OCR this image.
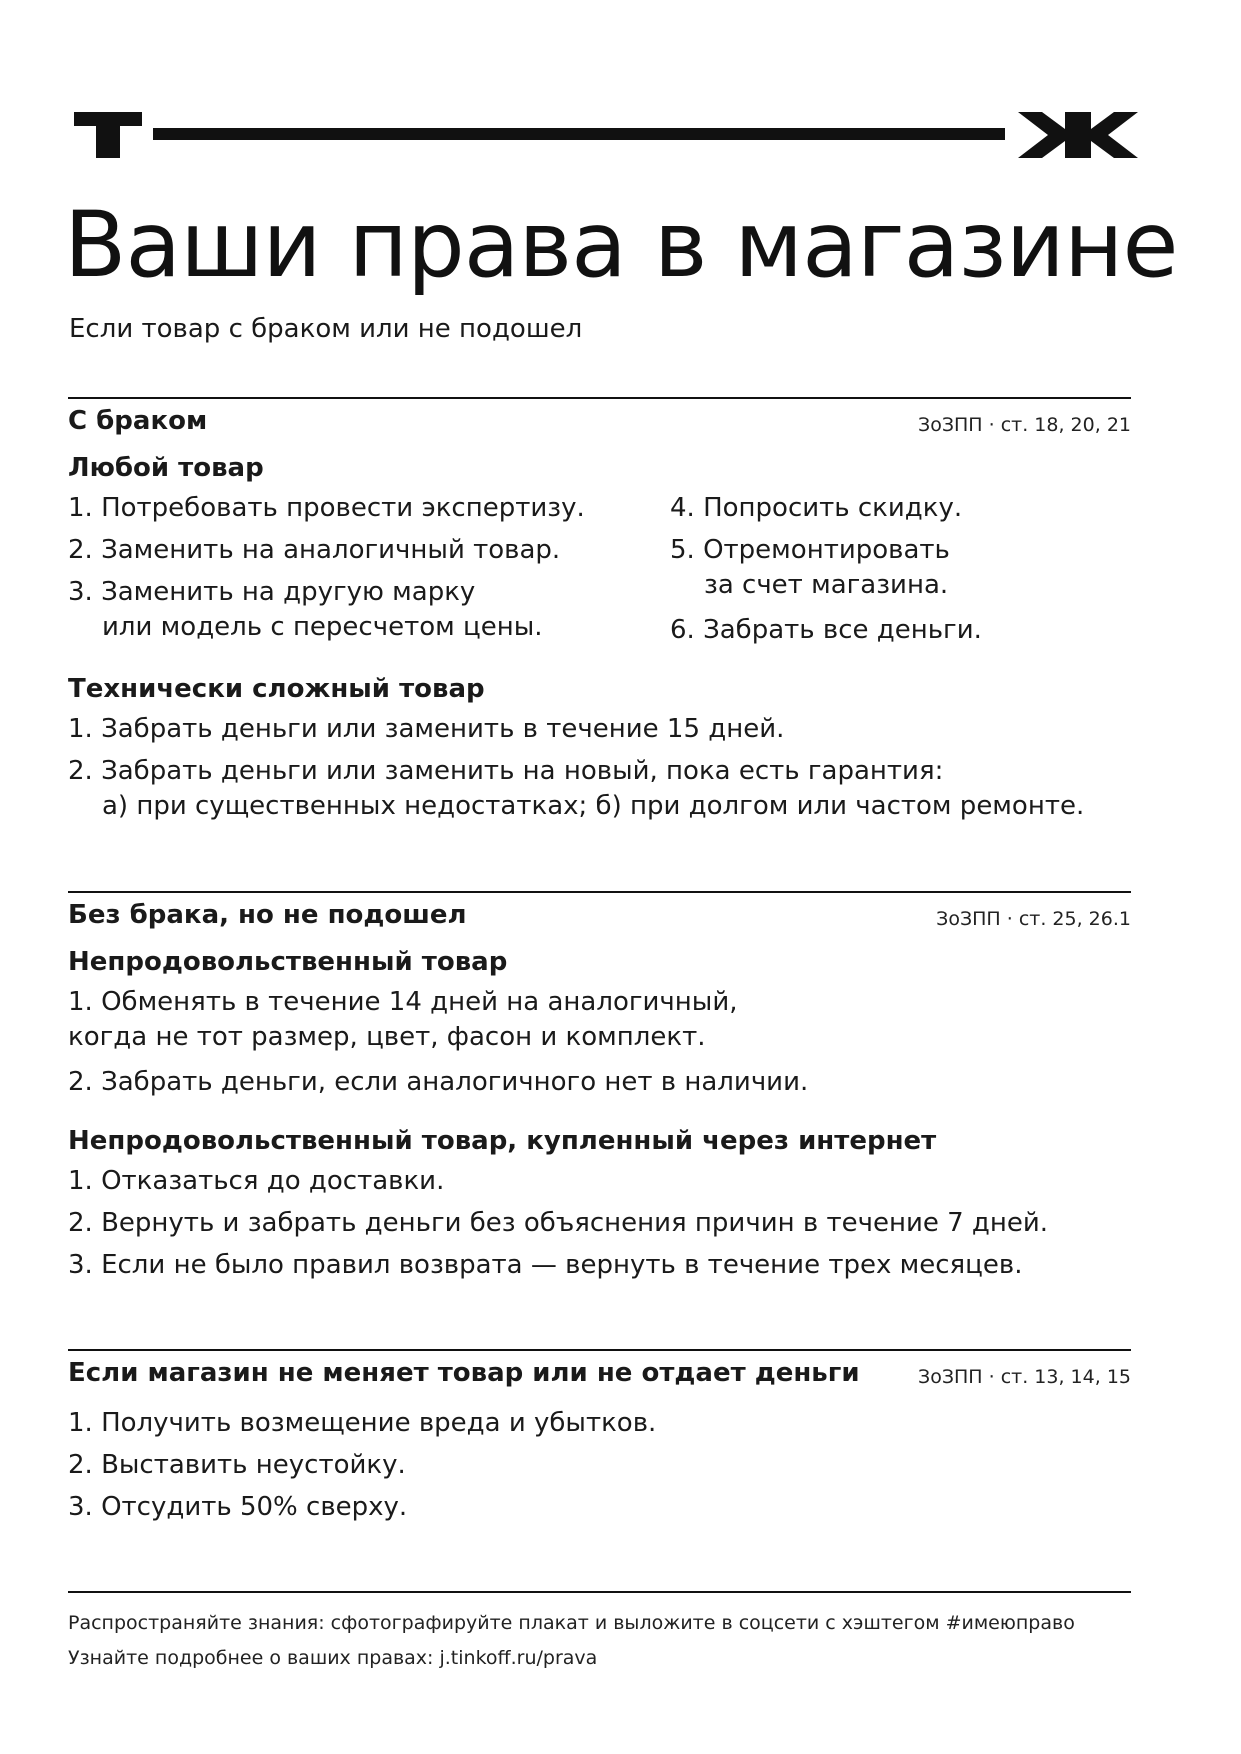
Ваши права в магазине
Если товар с браком или не подошел
С браком	ЗоЗПП · ст. 18, 20, 21
Любой товар
1. Потребовать провести экспертизу.
2. Заменить на аналогичный товар.
3. Заменить на другую марку
или модель с пересчетом цены.
4. Попросить скидку.
5. Отремонтировать
за счет магазина.
6. Забрать все деньги.
Технически сложный товар
1. Забрать деньги или заменить в течение 15 дней.
2. Забрать деньги или заменить на новый, пока есть гарантия:
а) при существенных недостатках; б) при долгом или частом ремонте.
Без брака, но не подошел	ЗоЗПП · ст. 25, 26.1
Непродовольственный товар
1. Обменять в течение 14 дней на аналогичный,
когда не тот размер, цвет, фасон и комплект.
2. Забрать деньги, если аналогичного нет в наличии.
Непродовольственный товар, купленный через интернет
1. Отказаться до доставки.
2. Вернуть и забрать деньги без объяснения причин в течение 7 дней.
3. Если не было правил возврата — вернуть в течение трех месяцев.
Если магазин не меняет товар или не отдает деньги	ЗоЗПП · ст. 13, 14, 15
1. Получить возмещение вреда и убытков.
2. Выставить неустойку.
3. Отсудить 50% сверху.
Распространяйте знания: сфотографируйте плакат и выложите в соцсети с хэштегом #имеюправо
Узнайте подробнее о ваших правах: j.tinkoff.ru/prava
